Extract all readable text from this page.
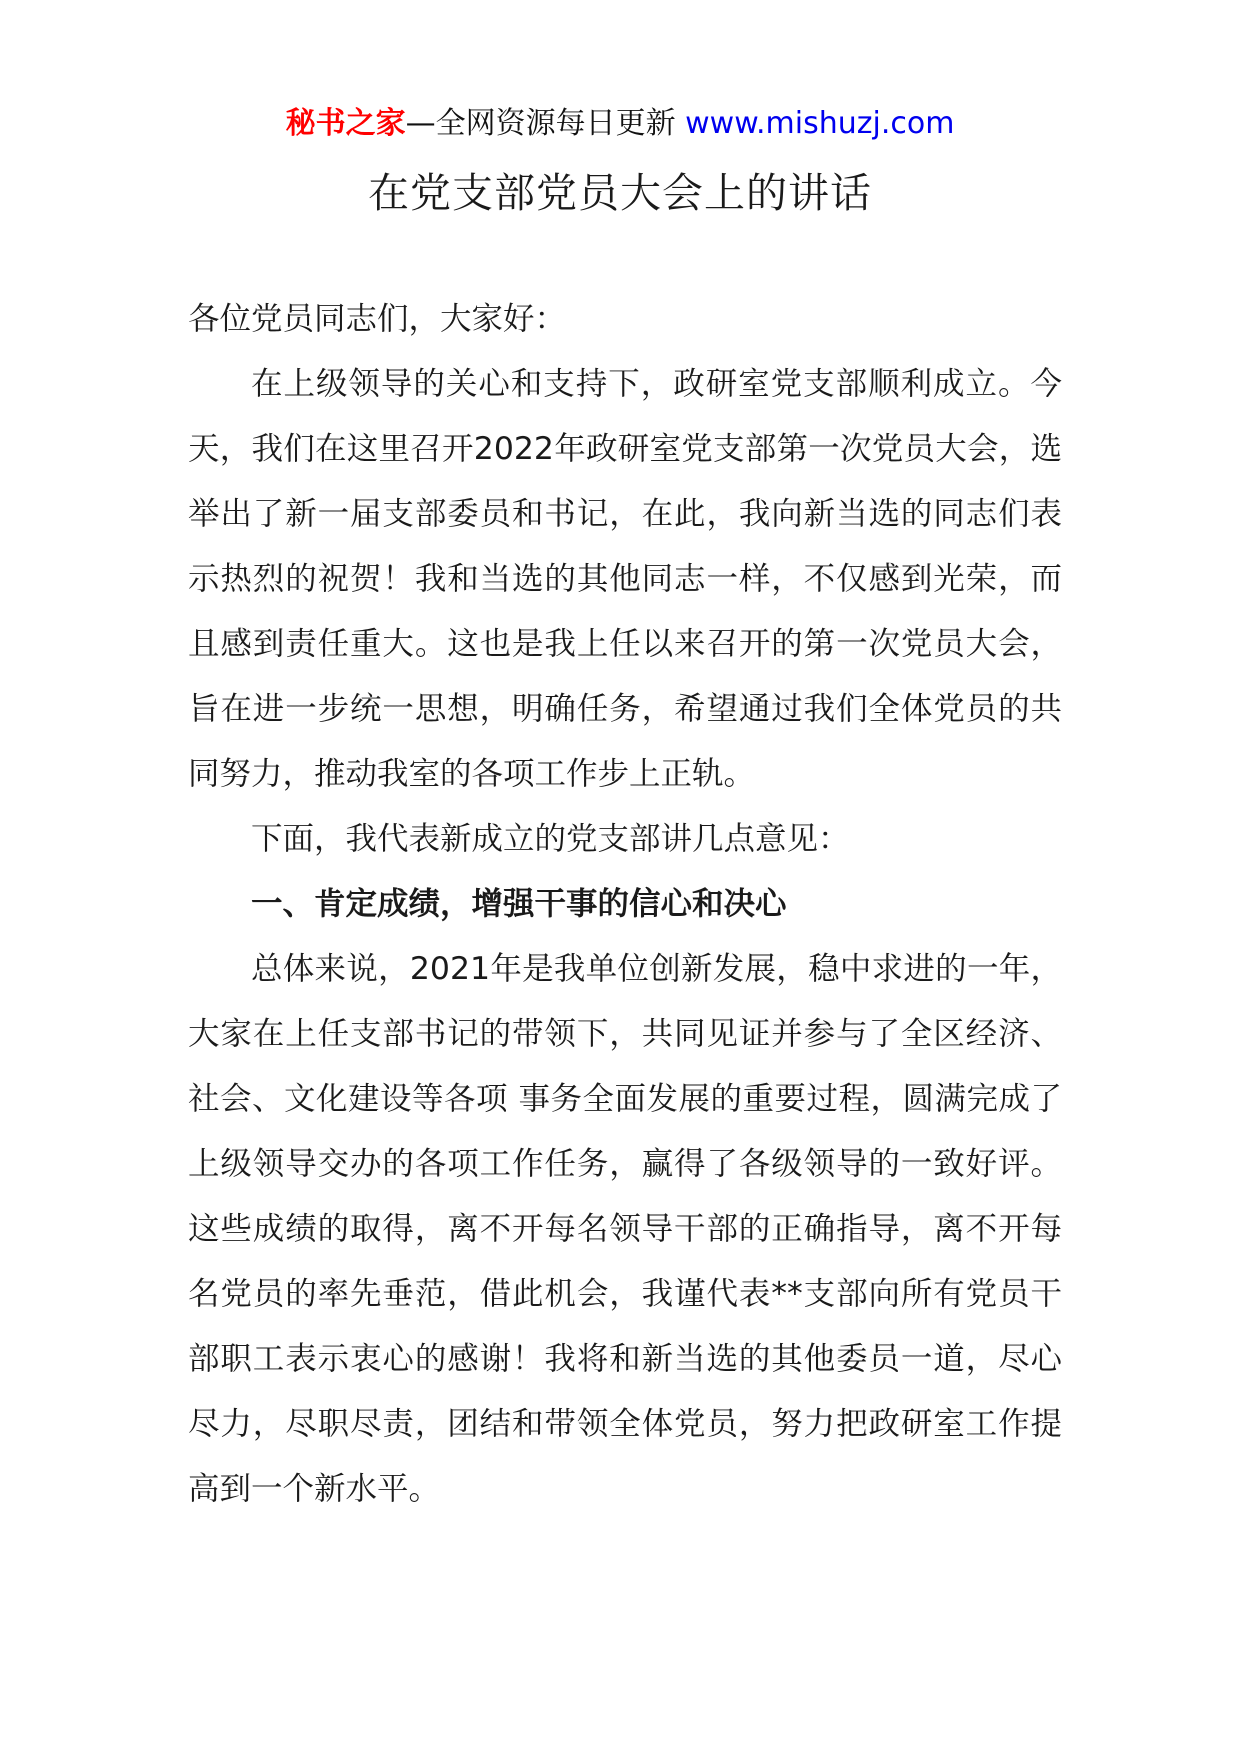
秘书之家—全网资源每日更新 www.mishuzj.com
在党支部党员大会上的讲话

各位党员同志们，大家好：

在上级领导的关心和支持下，政研室党支部顺利成立。今天，我们在这里召开2022年政研室党支部第一次党员大会，选举出了新一届支部委员和书记，在此，我向新当选的同志们表示热烈的祝贺！我和当选的其他同志一样，不仅感到光荣，而且感到责任重大。这也是我上任以来召开的第一次党员大会，旨在进一步统一思想，明确任务，希望通过我们全体党员的共同努力，推动我室的各项工作步上正轨。

下面，我代表新成立的党支部讲几点意见：

一、肯定成绩，增强干事的信心和决心

总体来说，2021年是我单位创新发展，稳中求进的一年，大家在上任支部书记的带领下，共同见证并参与了全区经济、社会、文化建设等各项 事务全面发展的重要过程，圆满完成了上级领导交办的各项工作任务，赢得了各级领导的一致好评。这些成绩的取得，离不开每名领导干部的正确指导，离不开每名党员的率先垂范，借此机会，我谨代表**支部向所有党员干部职工表示衷心的感谢！我将和新当选的其他委员一道，尽心尽力，尽职尽责，团结和带领全体党员，努力把政研室工作提高到一个新水平。
